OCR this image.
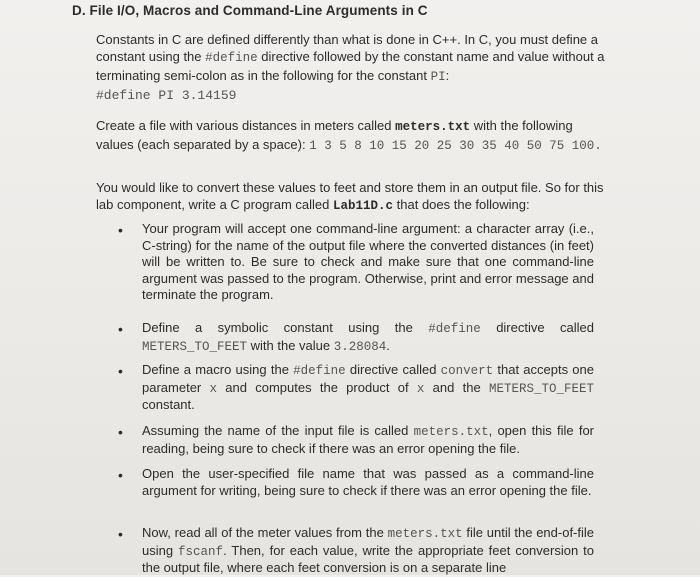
D. File I/O, Macros and Command-Line Arguments in C
Constants in C are defined differently than what is done in C++. In C, you must define a constant using the #define directive followed by the constant name and value without a terminating semi-colon as in the following for the constant PI:
#define PI 3.14159
Create a file with various distances in meters called meters.txt with the following values (each separated by a space): 1 3 5 8 10 15 20 25 30 35 40 50 75 100.
You would like to convert these values to feet and store them in an output file. So for this lab component, write a C program called Lab11D.c that does the following:
• Your program will accept one command-line argument: a character array (i.e., C-string) for the name of the output file where the converted distances (in feet) will be written to. Be sure to check and make sure that one command-line argument was passed to the program. Otherwise, print and error message and terminate the program.
• Define a symbolic constant using the #define directive called METERS_TO_FEET with the value 3.28084.
• Define a macro using the #define directive called convert that accepts one parameter x and computes the product of x and the METERS_TO_FEET constant.
• Assuming the name of the input file is called meters.txt, open this file for reading, being sure to check if there was an error opening the file.
• Open the user-specified file name that was passed as a command-line argument for writing, being sure to check if there was an error opening the file.
• Now, read all of the meter values from the meters.txt file until the end-of-file using fscanf. Then, for each value, write the appropriate feet conversion to the output file, where each feet conversion is on a separate line
